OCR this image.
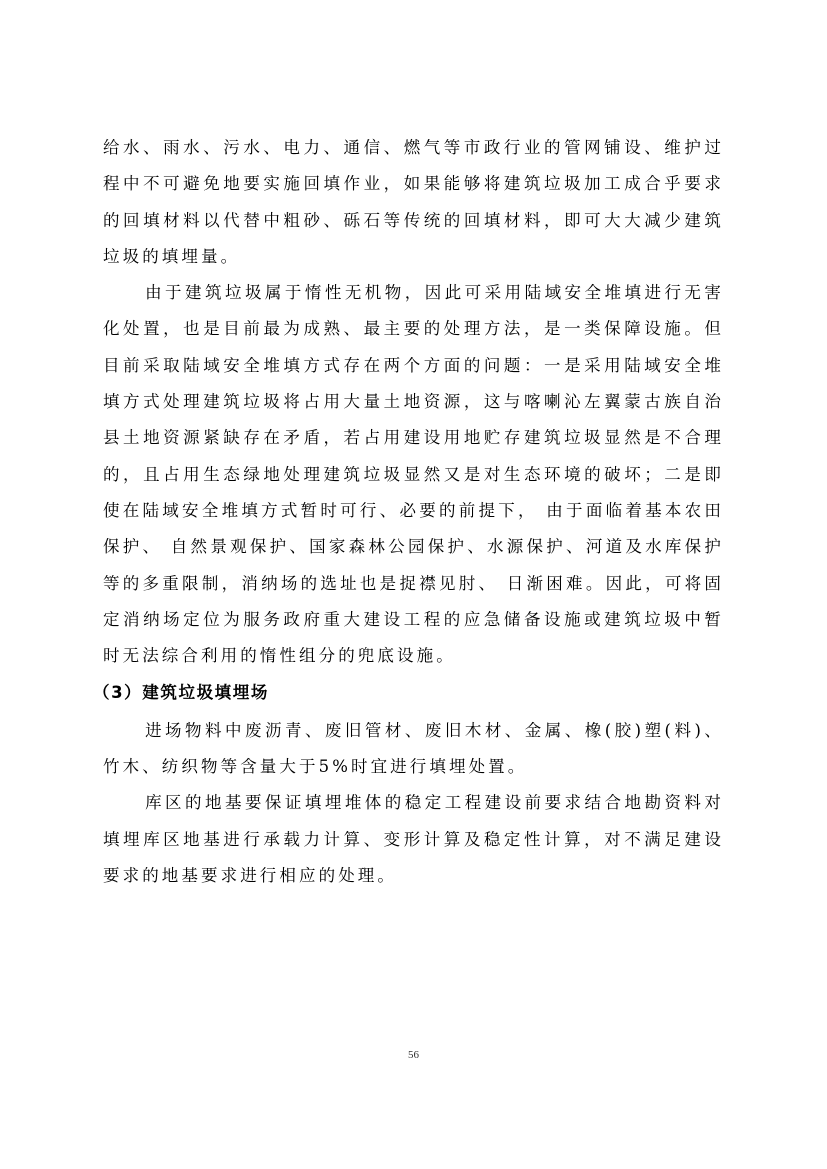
给水、雨水、污水、电力、通信、燃气等市政行业的管网铺设、维护过程中不可避免地要实施回填作业，如果能够将建筑垃圾加工成合乎要求的回填材料以代替中粗砂、砾石等传统的回填材料，即可大大减少建筑垃圾的填埋量。

由于建筑垃圾属于惰性无机物，因此可采用陆域安全堆填进行无害化处置，也是目前最为成熟、最主要的处理方法，是一类保障设施。但目前采取陆域安全堆填方式存在两个方面的问题：一是采用陆域安全堆填方式处理建筑垃圾将占用大量土地资源，这与喀喇沁左翼蒙古族自治县土地资源紧缺存在矛盾，若占用建设用地贮存建筑垃圾显然是不合理的，且占用生态绿地处理建筑垃圾显然又是对生态环境的破坏；二是即使在陆域安全堆填方式暂时可行、必要的前提下， 由于面临着基本农田保护、 自然景观保护、国家森林公园保护、水源保护、河道及水库保护等的多重限制，消纳场的选址也是捉襟见肘、 日渐困难。因此，可将固定消纳场定位为服务政府重大建设工程的应急储备设施或建筑垃圾中暂时无法综合利用的惰性组分的兜底设施。

（3）建筑垃圾填埋场

进场物料中废沥青、废旧管材、废旧木材、金属、橡(胶)塑(料)、竹木、纺织物等含量大于5%时宜进行填埋处置。

库区的地基要保证填埋堆体的稳定工程建设前要求结合地勘资料对填埋库区地基进行承载力计算、变形计算及稳定性计算，对不满足建设要求的地基要求进行相应的处理。

56
